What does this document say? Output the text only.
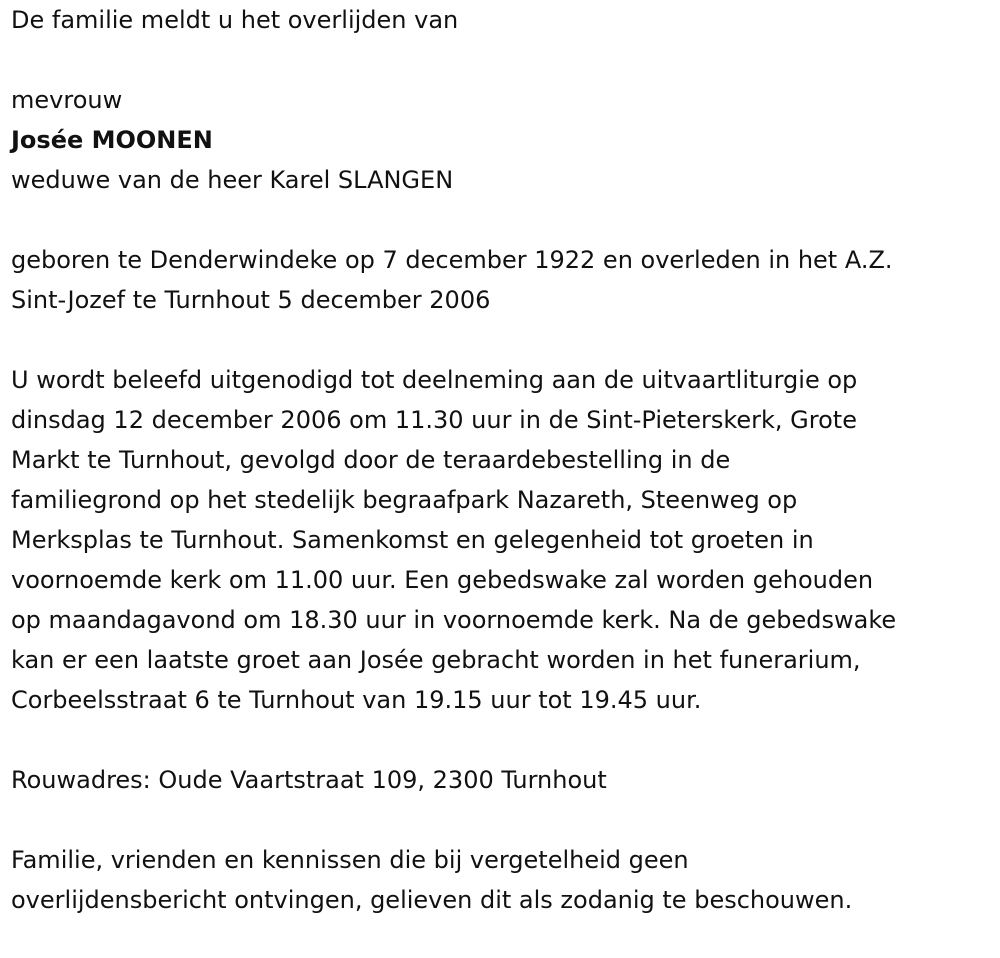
De familie meldt u het overlijden van
mevrouw
Josée MOONEN
weduwe van de heer Karel SLANGEN
geboren te Denderwindeke op 7 december 1922 en overleden in het A.Z.
Sint-Jozef te Turnhout 5 december 2006
U wordt beleefd uitgenodigd tot deelneming aan de uitvaartliturgie op
dinsdag 12 december 2006 om 11.30 uur in de Sint-Pieterskerk, Grote
Markt te Turnhout, gevolgd door de teraardebestelling in de
familiegrond op het stedelijk begraafpark Nazareth, Steenweg op
Merksplas te Turnhout. Samenkomst en gelegenheid tot groeten in
voornoemde kerk om 11.00 uur. Een gebedswake zal worden gehouden
op maandagavond om 18.30 uur in voornoemde kerk. Na de gebedswake
kan er een laatste groet aan Josée gebracht worden in het funerarium,
Corbeelsstraat 6 te Turnhout van 19.15 uur tot 19.45 uur.
Rouwadres: Oude Vaartstraat 109, 2300 Turnhout
Familie, vrienden en kennissen die bij vergetelheid geen
overlijdensbericht ontvingen, gelieven dit als zodanig te beschouwen.
